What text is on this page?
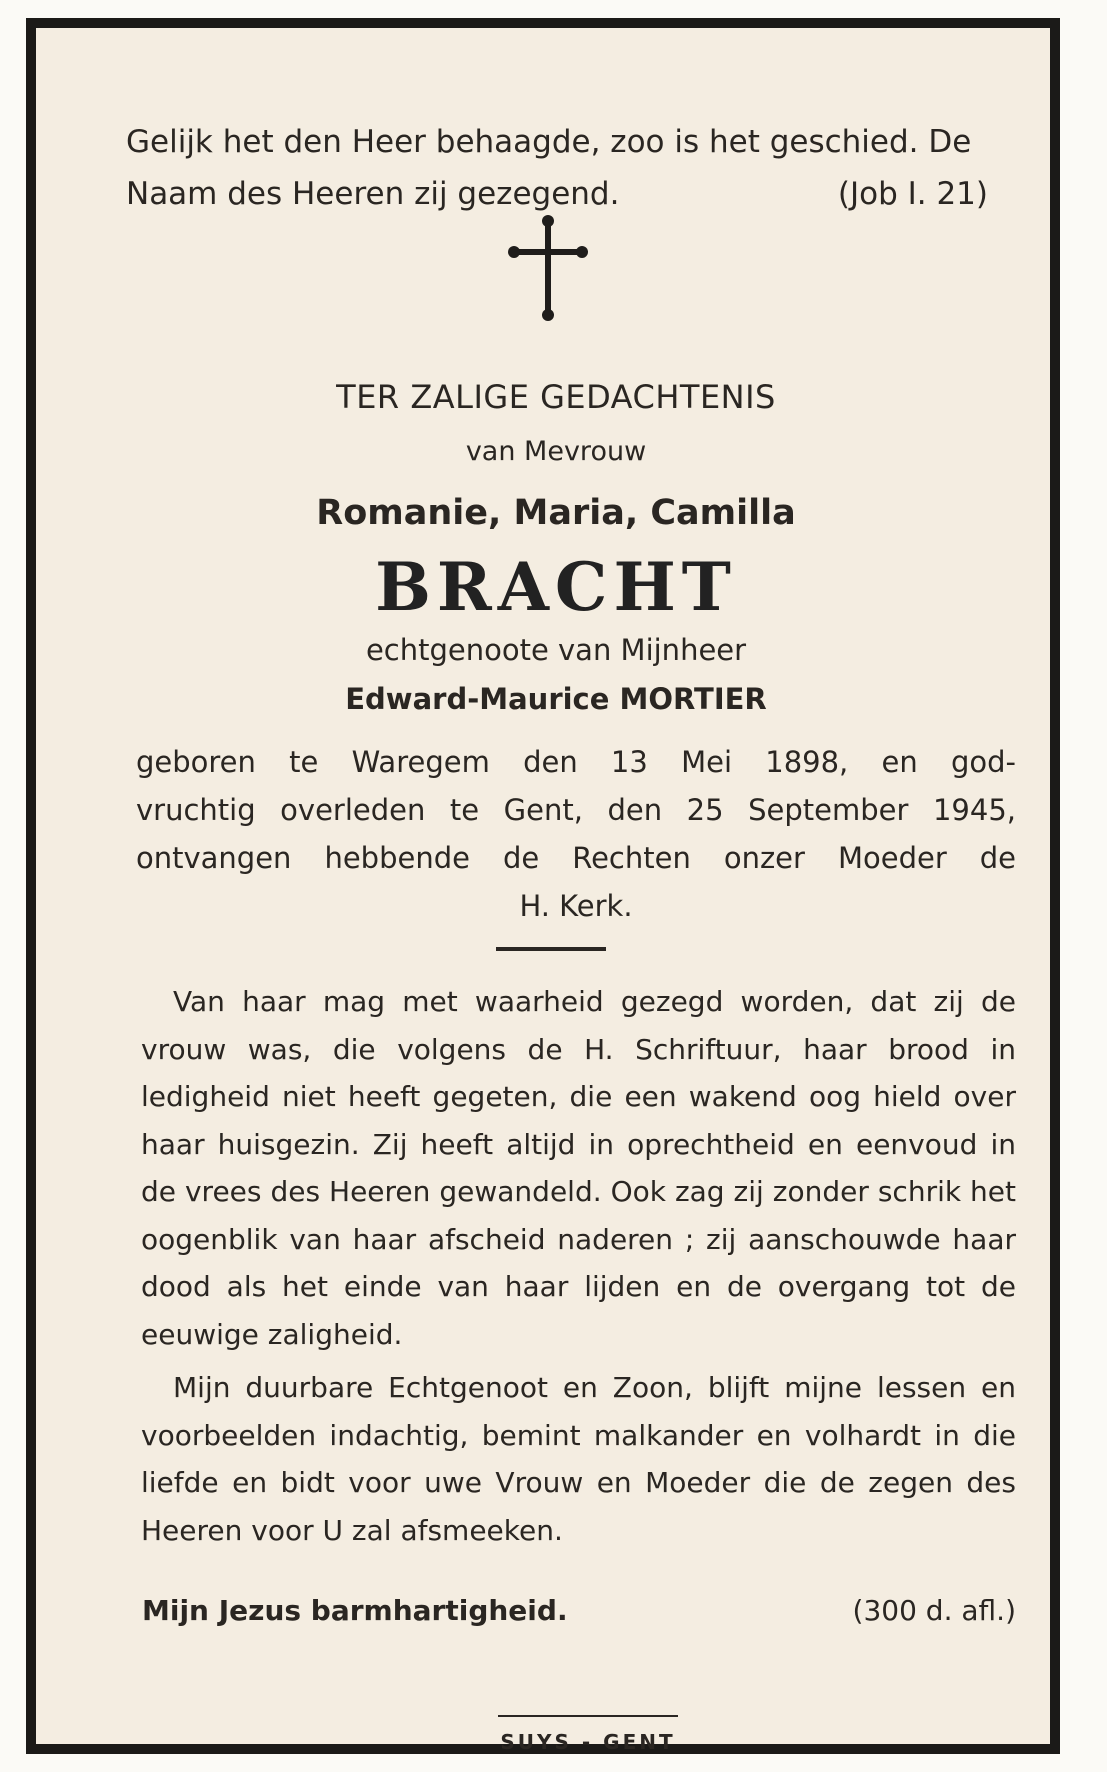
Gelijk het den Heer behaagde, zoo is het geschied. De
Naam des Heeren zij gezegend.	(Job I. 21)
TER ZALIGE GEDACHTENIS
van Mevrouw
Romanie, Maria, Camilla
BRACHT
echtgenoote van Mijnheer
Edward-Maurice MORTIER
geboren te Waregem den 13 Mei 1898, en god-
vruchtig overleden te Gent, den 25 September 1945,
ontvangen hebbende de Rechten onzer Moeder de
H. Kerk.

Van haar mag met waarheid gezegd worden, dat zij de vrouw was, die volgens de H. Schriftuur, haar brood in ledigheid niet heeft gegeten, die een wakend oog hield over haar huisgezin. Zij heeft altijd in oprechtheid en eenvoud in de vrees des Heeren gewandeld. Ook zag zij zonder schrik het oogenblik van haar afscheid naderen ; zij aanschouwde haar dood als het einde van haar lijden en de overgang tot de eeuwige zaligheid.

Mijn duurbare Echtgenoot en Zoon, blijft mijne lessen en voorbeelden indachtig, bemint malkander en volhardt in die liefde en bidt voor uwe Vrouw en Moeder die de zegen des Heeren voor U zal afsmeeken.

Mijn Jezus barmhartigheid.	(300 d. afl.)
SUYS - GENT
